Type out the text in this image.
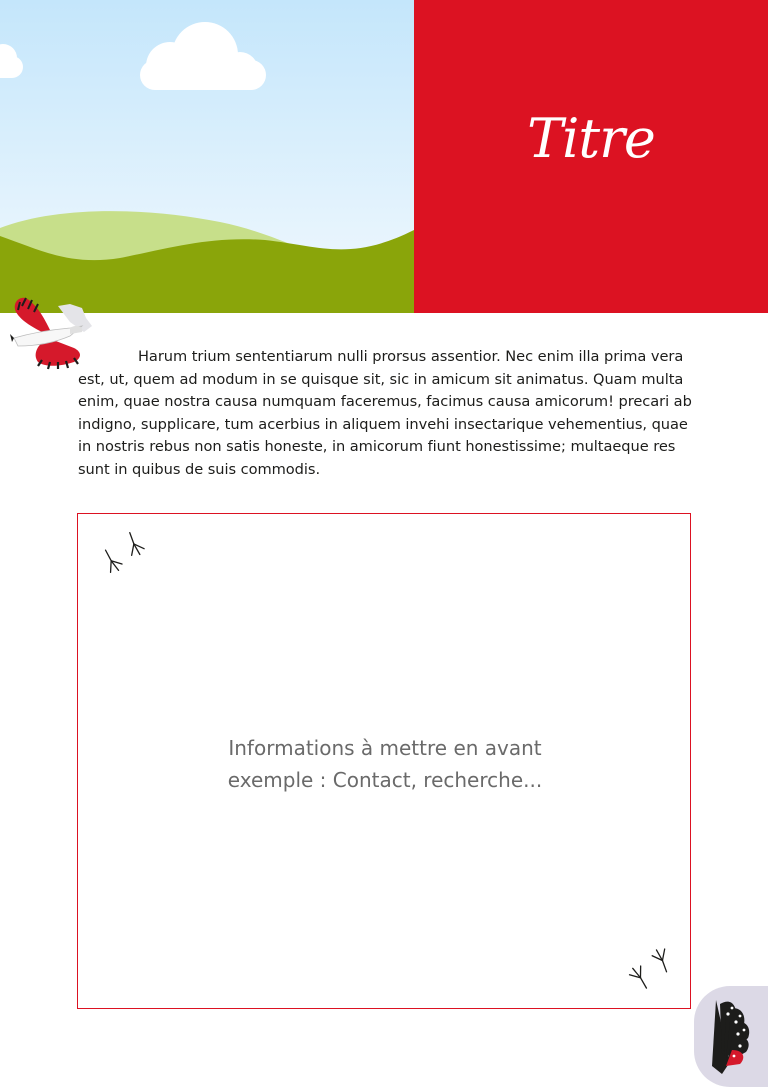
Titre

Harum trium sententiarum nulli prorsus assentior. Nec enim illa prima vera est, ut, quem ad modum in se quisque sit, sic in amicum sit animatus. Quam multa enim, quae nostra causa numquam faceremus, facimus causa amicorum! precari ab indigno, supplicare, tum acerbius in aliquem invehi insectarique vehementius, quae in nostris rebus non satis honeste, in amicorum fiunt honestissime; multaeque res sunt in quibus de suis commodis.

Informations à mettre en avant
exemple : Contact, recherche...
